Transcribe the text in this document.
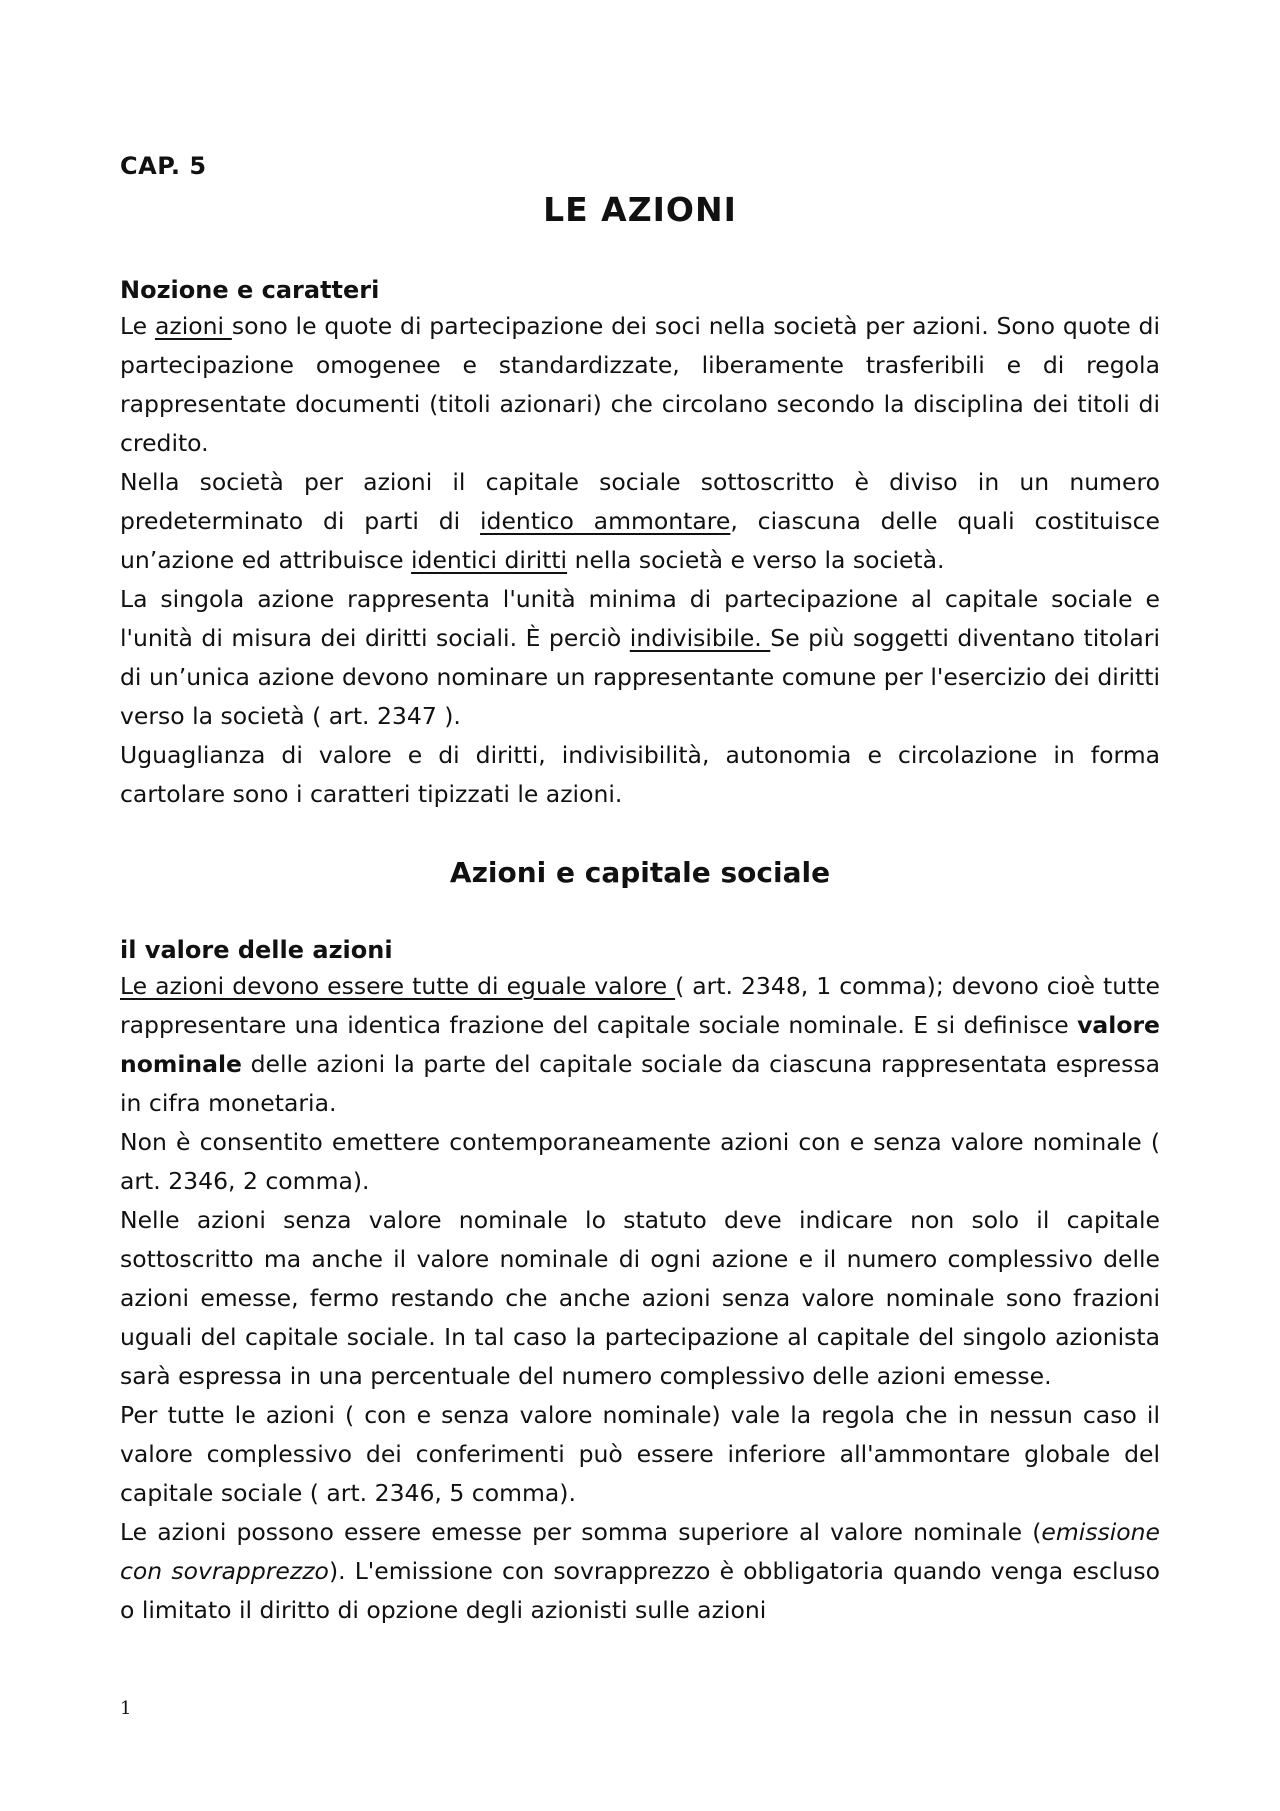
CAP. 5
LE AZIONI
Nozione e caratteri

Le azioni sono le quote di partecipazione dei soci nella società per azioni. Sono quote di partecipazione omogenee e standardizzate, liberamente trasferibili e di regola rappresentate documenti (titoli azionari) che circolano secondo la disciplina dei titoli di credito.

Nella società per azioni il capitale sociale sottoscritto è diviso in un numero predeterminato di parti di identico ammontare, ciascuna delle quali costituisce un’azione ed attribuisce identici diritti nella società e verso la società.

La singola azione rappresenta l'unità minima di partecipazione al capitale sociale e l'unità di misura dei diritti sociali. È perciò indivisibile. Se più soggetti diventano titolari di un’unica azione devono nominare un rappresentante comune per l'esercizio dei diritti verso la società ( art. 2347 ).

Uguaglianza di valore e di diritti, indivisibilità, autonomia e circolazione in forma cartolare sono i caratteri tipizzati le azioni.

Azioni e capitale sociale
il valore delle azioni

Le azioni devono essere tutte di eguale valore ( art. 2348, 1 comma); devono cioè tutte rappresentare una identica frazione del capitale sociale nominale. E si definisce valore nominale delle azioni la parte del capitale sociale da ciascuna rappresentata espressa in cifra monetaria.

Non è consentito emettere contemporaneamente azioni con e senza valore nominale ( art. 2346, 2 comma).

Nelle azioni senza valore nominale lo statuto deve indicare non solo il capitale sottoscritto ma anche il valore nominale di ogni azione e il numero complessivo delle azioni emesse, fermo restando che anche azioni senza valore nominale sono frazioni uguali del capitale sociale. In tal caso la partecipazione al capitale del singolo azionista sarà espressa in una percentuale del numero complessivo delle azioni emesse.

Per tutte le azioni ( con e senza valore nominale) vale la regola che in nessun caso il valore complessivo dei conferimenti può essere inferiore all'ammontare globale del capitale sociale ( art. 2346, 5 comma).

Le azioni possono essere emesse per somma superiore al valore nominale (emissione con sovrapprezzo). L'emissione con sovrapprezzo è obbligatoria quando venga escluso o limitato il diritto di opzione degli azionisti sulle azioni

1
